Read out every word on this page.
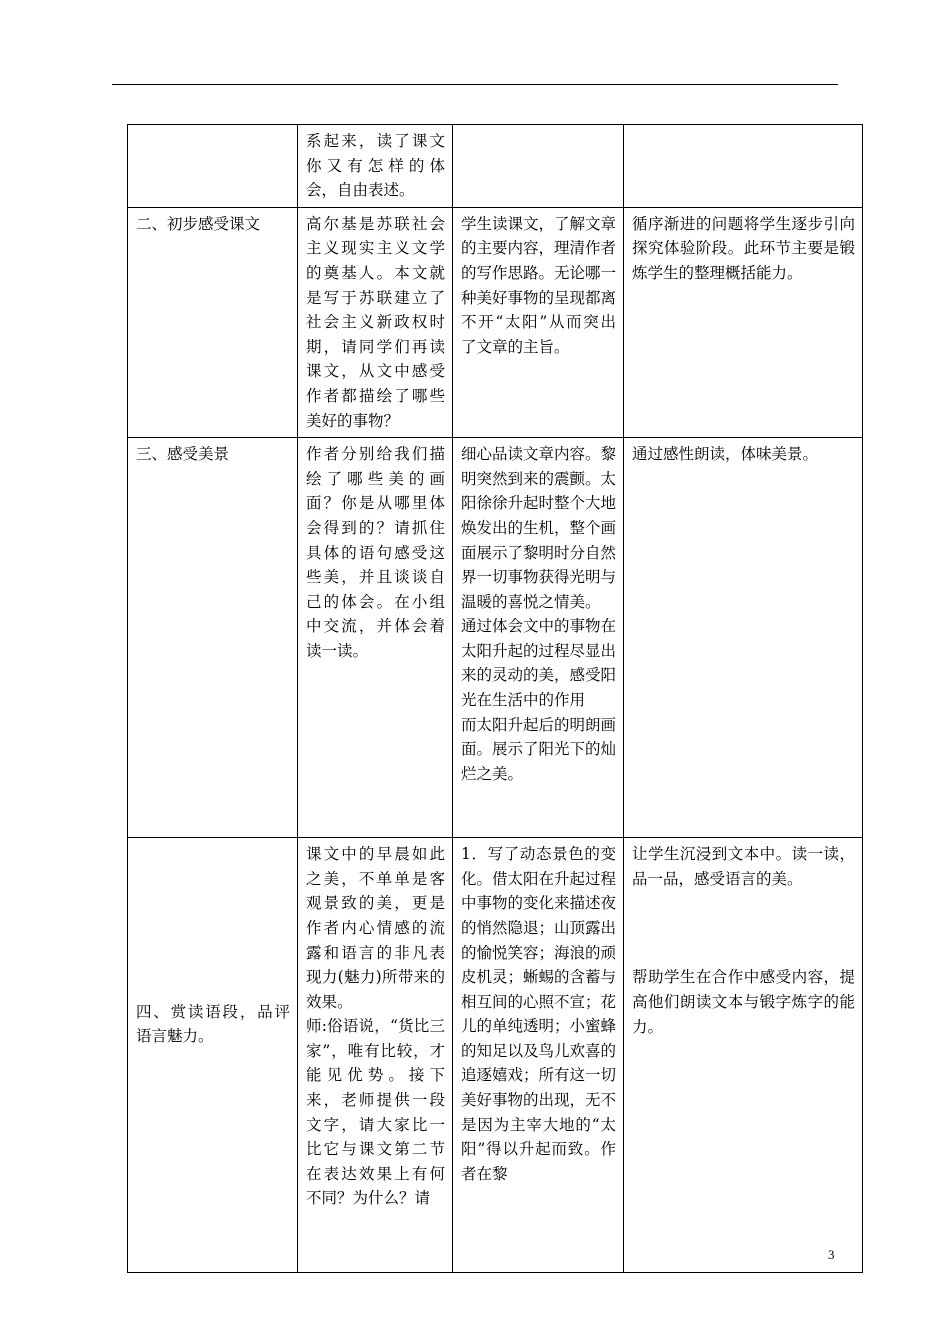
	系起来，读了课文你又有怎样的体会，自由表述。		

二、初步感受课文	高尔基是苏联社会主义现实主义文学的奠基人。本文就是写于苏联建立了社会主义新政权时期，请同学们再读课文，从文中感受作者都描绘了哪些美好的事物？	学生读课文，了解文章的主要内容，理清作者的写作思路。无论哪一种美好事物的呈现都离不开“太阳”从而突出了文章的主旨。	循序渐进的问题将学生逐步引向探究体验阶段。此环节主要是锻炼学生的整理概括能力。

三、感受美景	作者分别给我们描绘了哪些美的画面？你是从哪里体会得到的？请抓住具体的语句感受这些美，并且谈谈自己的体会。在小组中交流，并体会着读一读。	细心品读文章内容。黎明突然到来的震颤。太阳徐徐升起时整个大地焕发出的生机，整个画面展示了黎明时分自然界一切事物获得光明与温暖的喜悦之情美。
通过体会文中的事物在太阳升起的过程尽显出来的灵动的美，感受阳光在生活中的作用
而太阳升起后的明朗画面。展示了阳光下的灿烂之美。	通过感性朗读，体味美景。

四、赏读语段，品评语言魅力。	课文中的早晨如此之美，不单单是客观景致的美，更是作者内心情感的流露和语言的非凡表现力(魅力)所带来的效果。
师:俗语说，“货比三家”，唯有比较，才能见优势。接下来，老师提供一段文字，请大家比一比它与课文第二节在表达效果上有何不同？为什么？请	1．写了动态景色的变化。借太阳在升起过程中事物的变化来描述夜的悄然隐退；山顶露出的愉悦笑容；海浪的顽皮机灵；蜥蜴的含蓄与相互间的心照不宣；花儿的单纯透明；小蜜蜂的知足以及鸟儿欢喜的追逐嬉戏；所有这一切美好事物的出现，无不是因为主宰大地的“太阳”得以升起而致。作者在黎	让学生沉浸到文本中。读一读，品一品，感受语言的美。
帮助学生在合作中感受内容，提高他们朗读文本与锻字炼字的能力。
3
